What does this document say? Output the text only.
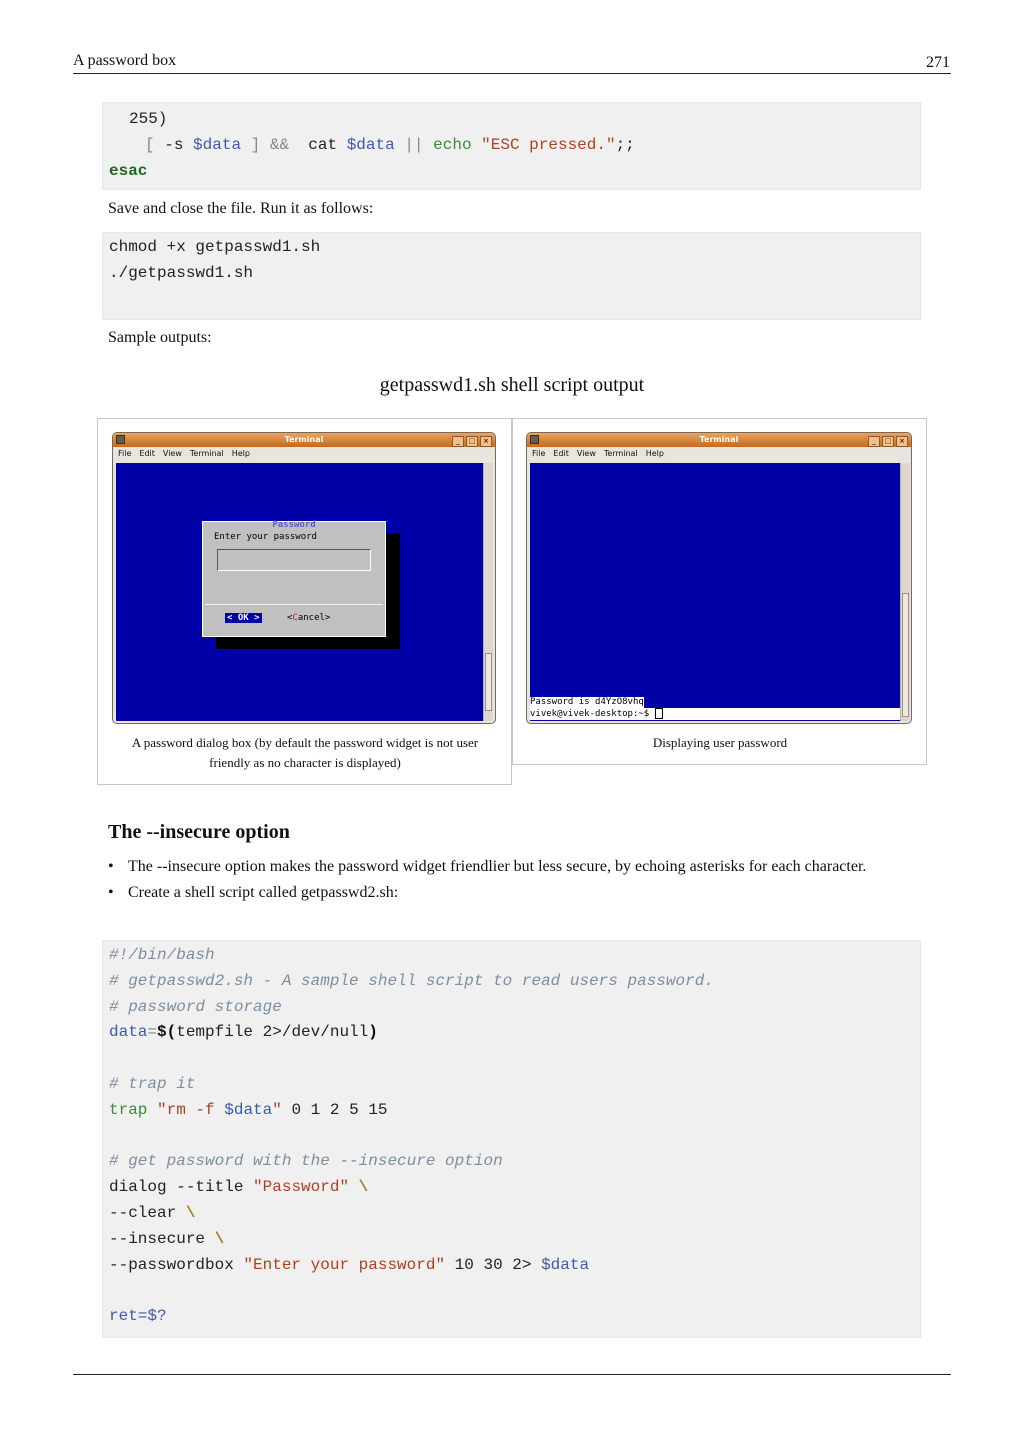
A password box	271
255)
[ -s $data ] && cat $data || echo "ESC pressed.";;
esac
Save and close the file. Run it as follows:
chmod +x getpasswd1.sh
./getpasswd1.sh
Sample outputs:
getpasswd1.sh shell script output
Terminal	_ □ ×
File Edit View Terminal Help
Password
Enter your password
< OK >	<Cancel>
A password dialog box (by default the password widget is not user friendly as no character is displayed)
Terminal	_ □ ×
File Edit View Terminal Help
Password is d4YzO8vhq
vivek@vivek-desktop:~$
Displaying user password
The --insecure option
• The --insecure option makes the password widget friendlier but less secure, by echoing asterisks for each character.
• Create a shell script called getpasswd2.sh:
#!/bin/bash
# getpasswd2.sh - A sample shell script to read users password.
# password storage
data=$(tempfile 2>/dev/null)
# trap it
trap "rm -f $data" 0 1 2 5 15
# get password with the --insecure option
dialog --title "Password" \
--clear \
--insecure \
--passwordbox "Enter your password" 10 30 2> $data
ret=$?
